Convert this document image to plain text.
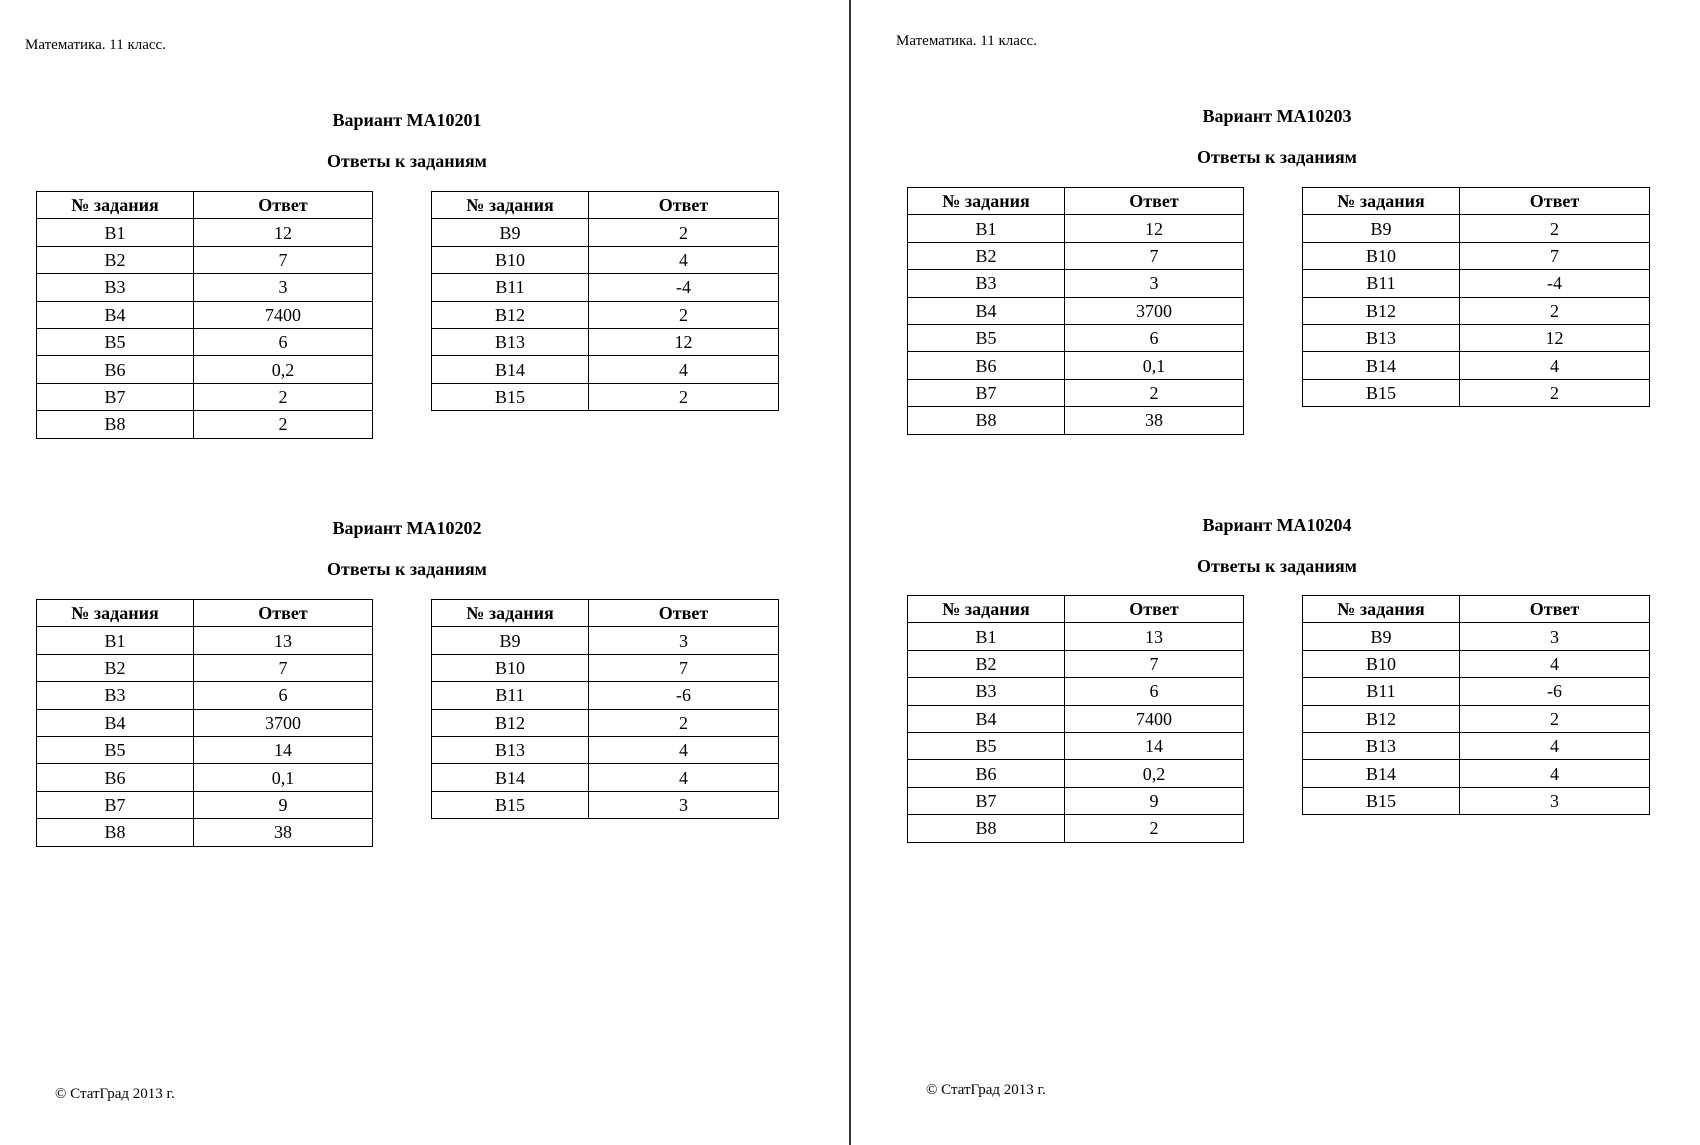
Математика. 11 класс.
Вариант МА10201
Ответы к заданиям
№ задания	Ответ
B1	12
B2	7
B3	3
B4	7400
B5	6
B6	0,2
B7	2
B8	2
№ задания	Ответ
B9	2
B10	4
B11	-4
B12	2
B13	12
B14	4
B15	2
Вариант МА10202
Ответы к заданиям
№ задания	Ответ
B1	13
B2	7
B3	6
B4	3700
B5	14
B6	0,1
B7	9
B8	38
№ задания	Ответ
B9	3
B10	7
B11	-6
B12	2
B13	4
B14	4
B15	3
© СтатГрад 2013 г.
Математика. 11 класс.
Вариант МА10203
Ответы к заданиям
№ задания	Ответ
B1	12
B2	7
B3	3
B4	3700
B5	6
B6	0,1
B7	2
B8	38
№ задания	Ответ
B9	2
B10	7
B11	-4
B12	2
B13	12
B14	4
B15	2
Вариант МА10204
Ответы к заданиям
№ задания	Ответ
B1	13
B2	7
B3	6
B4	7400
B5	14
B6	0,2
B7	9
B8	2
№ задания	Ответ
B9	3
B10	4
B11	-6
B12	2
B13	4
B14	4
B15	3
© СтатГрад 2013 г.
